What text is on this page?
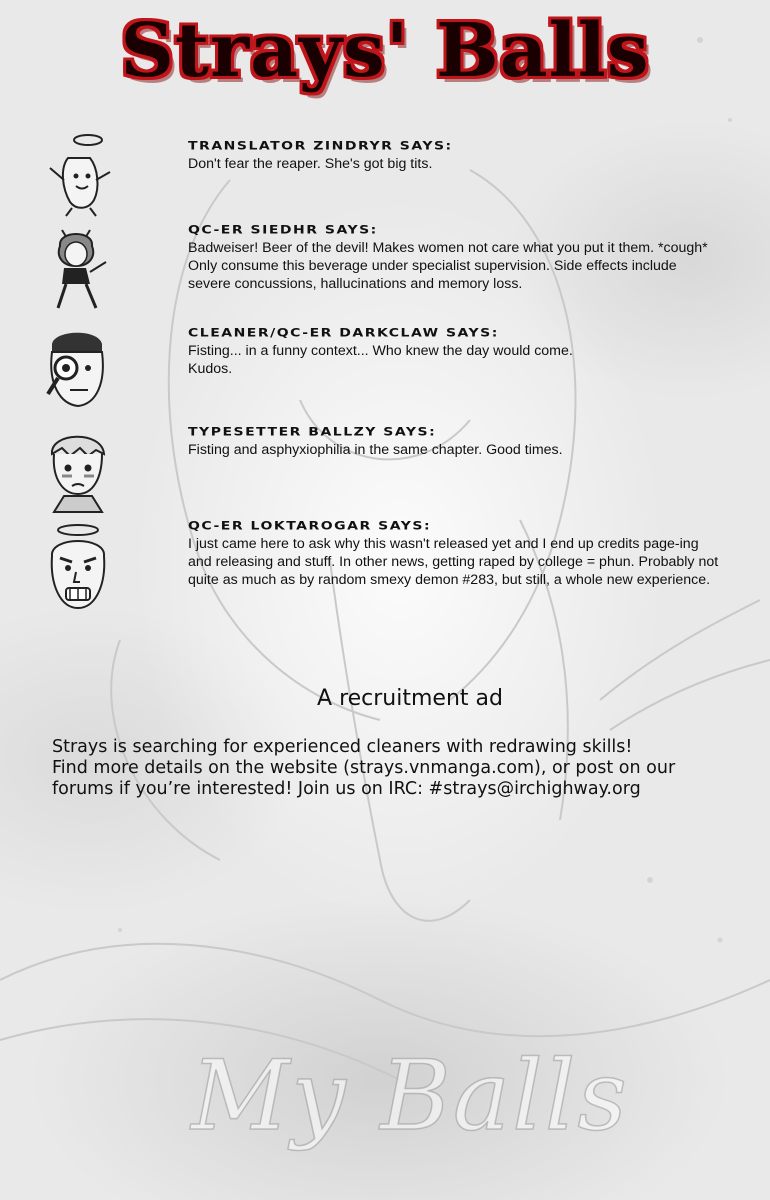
Strays' Balls
TRANSLATOR ZINDRYR SAYS:
Don't fear the reaper. She's got big tits.
QC-ER SIEDHR SAYS:
Badweiser! Beer of the devil! Makes women not care what you put it them. *cough*
Only consume this beverage under specialist supervision. Side effects include
severe concussions, hallucinations and memory loss.
CLEANER/QC-ER DARKCLAW SAYS:
Fisting... in a funny context... Who knew the day would come.
Kudos.
TYPESETTER BALLZY SAYS:
Fisting and asphyxiophilia in the same chapter. Good times.
QC-ER LOKTAROGAR SAYS:
I just came here to ask why this wasn't released yet and I end up credits page-ing
and releasing and stuff. In other news, getting raped by college = phun. Probably not
quite as much as by random smexy demon #283, but still, a whole new experience.
A recruitment ad
Strays is searching for experienced cleaners with redrawing skills!
Find more details on the website (strays.vnmanga.com), or post on our
forums if you’re interested! Join us on IRC: #strays@irchighway.org
My Balls
